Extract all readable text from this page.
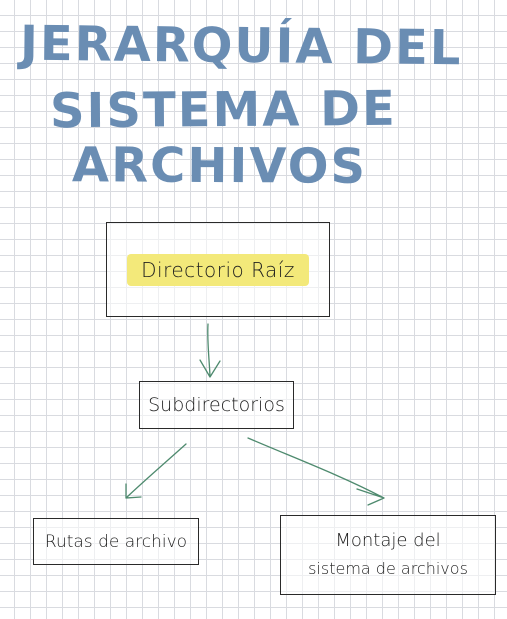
JERARQUÍA DEL
SISTEMA DE
ARCHIVOS
Directorio Raíz
Subdirectorios
Rutas de archivo	Montaje del
sistema de archivos
